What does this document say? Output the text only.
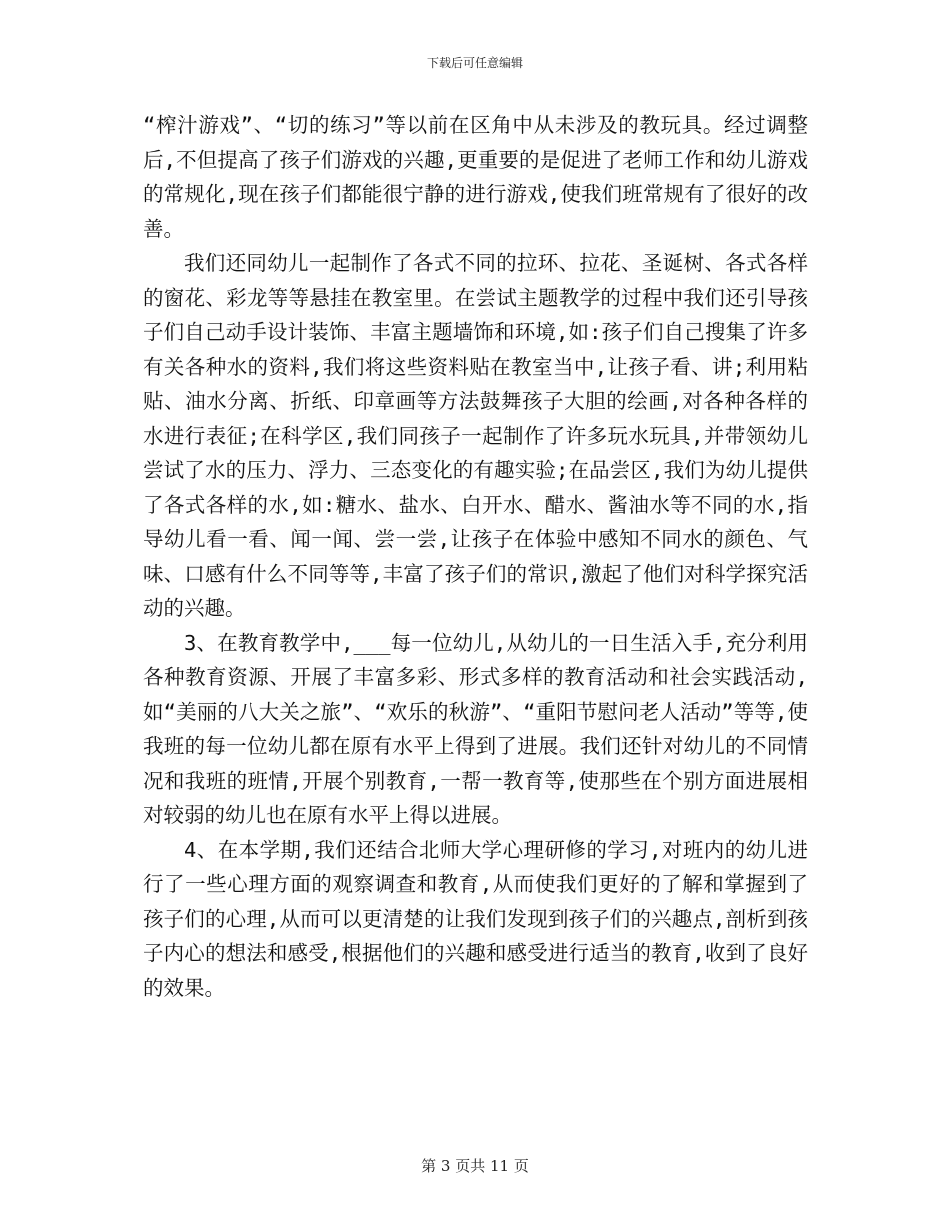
下载后可任意编辑

“榨汁游戏”、“切的练习”等以前在区角中从未涉及的教玩具。经过调整后,不但提高了孩子们游戏的兴趣,更重要的是促进了老师工作和幼儿游戏的常规化,现在孩子们都能很宁静的进行游戏,使我们班常规有了很好的改善。

我们还同幼儿一起制作了各式不同的拉环、拉花、圣诞树、各式各样的窗花、彩龙等等悬挂在教室里。在尝试主题教学的过程中我们还引导孩子们自己动手设计装饰、丰富主题墙饰和环境,如:孩子们自己搜集了许多有关各种水的资料,我们将这些资料贴在教室当中,让孩子看、讲;利用粘贴、油水分离、折纸、印章画等方法鼓舞孩子大胆的绘画,对各种各样的水进行表征;在科学区,我们同孩子一起制作了许多玩水玩具,并带领幼儿尝试了水的压力、浮力、三态变化的有趣实验;在品尝区,我们为幼儿提供了各式各样的水,如:糖水、盐水、白开水、醋水、酱油水等不同的水,指导幼儿看一看、闻一闻、尝一尝,让孩子在体验中感知不同水的颜色、气味、口感有什么不同等等,丰富了孩子们的常识,激起了他们对科学探究活动的兴趣。

3、在教育教学中,___每一位幼儿,从幼儿的一日生活入手,充分利用各种教育资源、开展了丰富多彩、形式多样的教育活动和社会实践活动,如“美丽的八大关之旅”、“欢乐的秋游”、“重阳节慰问老人活动”等等,使我班的每一位幼儿都在原有水平上得到了进展。我们还针对幼儿的不同情况和我班的班情,开展个别教育,一帮一教育等,使那些在个别方面进展相对较弱的幼儿也在原有水平上得以进展。

4、在本学期,我们还结合北师大学心理研修的学习,对班内的幼儿进行了一些心理方面的观察调查和教育,从而使我们更好的了解和掌握到了孩子们的心理,从而可以更清楚的让我们发现到孩子们的兴趣点,剖析到孩子内心的想法和感受,根据他们的兴趣和感受进行适当的教育,收到了良好的效果。

第 3 页共 11 页
